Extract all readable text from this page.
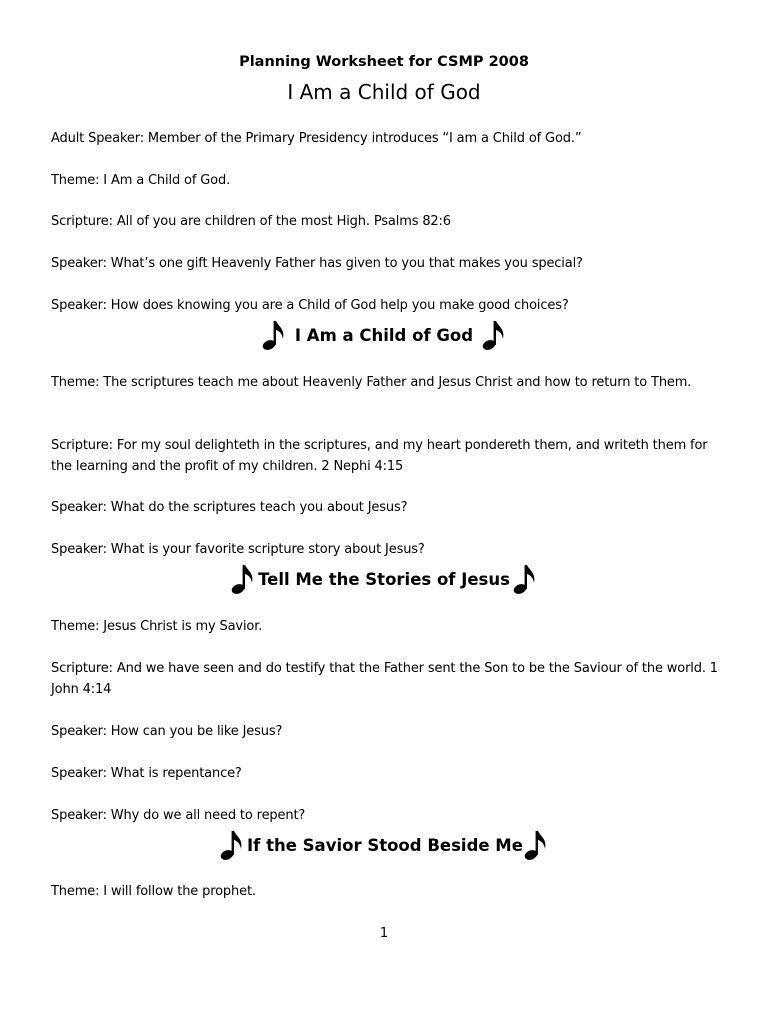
Planning Worksheet for CSMP 2008
I Am a Child of God
Adult Speaker: Member of the Primary Presidency introduces “I am a Child of God.”
Theme: I Am a Child of God.
Scripture: All of you are children of the most High. Psalms 82:6
Speaker: What’s one gift Heavenly Father has given to you that makes you special?
Speaker: How does knowing you are a Child of God help you make good choices?
I Am a Child of God
Theme: The scriptures teach me about Heavenly Father and Jesus Christ and how to return to Them.
Scripture: For my soul delighteth in the scriptures, and my heart pondereth them, and writeth them for the learning and the profit of my children. 2 Nephi 4:15
Speaker: What do the scriptures teach you about Jesus?
Speaker: What is your favorite scripture story about Jesus?
Tell Me the Stories of Jesus
Theme: Jesus Christ is my Savior.
Scripture: And we have seen and do testify that the Father sent the Son to be the Saviour of the world. 1 John 4:14
Speaker: How can you be like Jesus?
Speaker: What is repentance?
Speaker: Why do we all need to repent?
If the Savior Stood Beside Me
Theme: I will follow the prophet.
1
